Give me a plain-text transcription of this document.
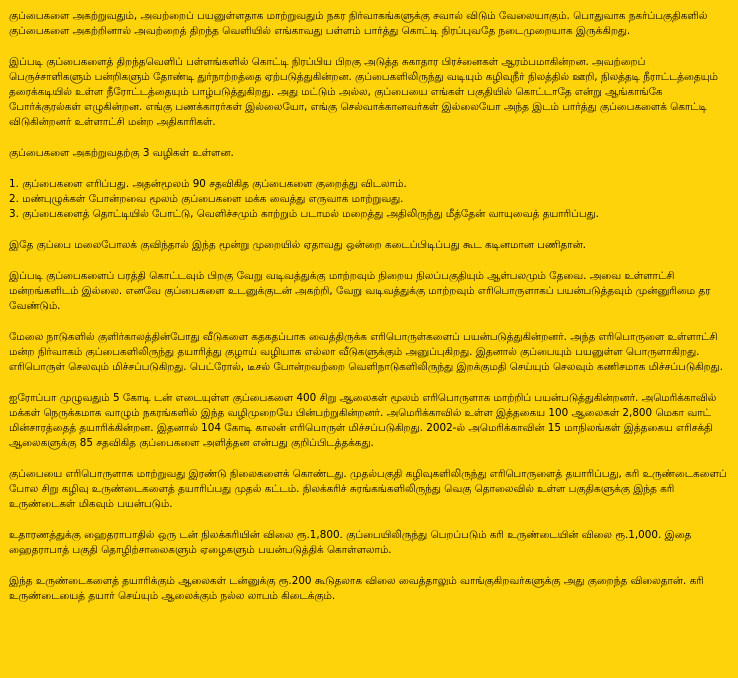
குப்பைகளை அகற்றுவதும், அவற்றைப் பயனுள்ளதாக மாற்றுவதும் நகர நிர்வாகங்களுக்கு சவால் விடும் வேலையாகும். பொதுவாக நகர்ப்பகுதிகளில் குப்பைகளை அகற்றினால் அவற்றைத் திறந்த வெளியில் எங்காவது பள்ளம் பார்த்து கொட்டி நிரப்புவதே நடைமுறையாக இருக்கிறது.

இப்படி குப்பைகளைத் திறந்தவெளிப் பள்ளங்களில் கொட்டி நிரப்பிய பிறகு அடுத்த சுகாதார பிரச்னைகள் ஆரம்பமாகின்றன. அவற்றைப் பெருச்சாளிகளும் பன்றிகளும் தோண்டி துர்நாற்றத்தை ஏற்படுத்துகின்றன. குப்பைகளிலிருந்து வடியும் கழிவுநீர் நிலத்தில் ஊறி, நிலத்தடி நீராட்டத்தையும் தரைக்கடியில் உள்ள நீரோட்டத்தையும் பாழ்படுத்துகிறது. அது மட்டும் அல்ல, குப்பையை எங்கள் பகுதியில் கொட்டாதே என்று ஆங்காங்கே போர்க்குரல்கள் எழுகின்றன. எங்கு பணக்காரர்கள் இல்லையோ, எங்கு செல்வாக்கானவர்கள் இல்லையோ அந்த இடம் பார்த்து குப்பைகளைக் கொட்டி விடுகின்றனர் உள்ளாட்சி மன்ற அதிகாரிகள்.

குப்பைகளை அகற்றுவதற்கு 3 வழிகள் உள்ளன.

1. குப்பைகளை எரிப்பது. அதன்மூலம் 90 சதவிகித குப்பைகளை குறைத்து விடலாம்.
2. மண்புழுக்கள் போன்றவை மூலம் குப்பைகளை மக்க வைத்து எருவாக மாற்றுவது.
3. குப்பைகளைத் தொட்டியில் போட்டு, வெளிச்சமும் காற்றும் படாமல் மறைத்து அதிலிருந்து மீத்தேன் வாயுவைத் தயாரிப்பது.

இதே குப்பை மலைபோலக் குவிந்தால் இந்த மூன்று முறையில் ஏதாவது ஒன்றை கடைப்பிடிப்பது கூட கடினமான பணிதான்.

இப்படி குப்பைகளைப் பரத்தி கொட்டவும் பிறகு வேறு வடிவத்துக்கு மாற்றவும் நிறைய நிலப்பகுதியும் ஆள்பலமும் தேவை. அவை உள்ளாட்சி மன்றங்களிடம் இல்லை. எனவே குப்பைகளை உடனுக்குடன் அகற்றி, வேறு வடிவத்துக்கு மாற்றவும் எரிபொருளாகப் பயன்படுத்தவும் முன்னுரிமை தர வேண்டும்.

மேலை நாடுகளில் குளிர்காலத்தின்போது வீடுகளை கதகதப்பாக வைத்திருக்க எரிபொருள்களைப் பயன்படுத்துகின்றனர். அந்த எரிபொருளை உள்ளாட்சி மன்ற நிர்வாகம் குப்பைகளிலிருந்து தயாரித்து குழாய் வழியாக எல்லா வீடுகளுக்கும் அனுப்புகிறது. இதனால் குப்பையும் பயனுள்ள பொருளாகிறது. எரிபொருள் செலவும் மிச்சப்படுகிறது. பெட்ரோல், டீசல் போன்றவற்றை வெளிநாடுகளிலிருந்து இறக்குமதி செய்யும் செலவும் கணிசமாக மிச்சப்படுகிறது.

ஐரோப்பா முழுவதும் 5 கோடி டன் எடையுள்ள குப்பைகளை 400 சிறு ஆலைகள் மூலம் எரிபொருளாக மாற்றிப் பயன்படுத்துகின்றனர். அமெரிக்காவில் மக்கள் நெருக்கமாக வாழும் நகரங்களில் இந்த வழிமுறையே பின்பற்றுகின்றனர். அமெரிக்காவில் உள்ள இத்தகைய 100 ஆலைகள் 2,800 மெகா வாட் மின்சாரத்தைத் தயாரிக்கின்றன. இதனால் 104 கோடி காலன் எரிபொருள் மிச்சப்படுகிறது. 2002-ல் அமெரிக்காவின் 15 மாநிலங்கள் இத்தகைய எரிசக்தி ஆலைகளுக்கு 85 சதவிகித குப்பைகளை அளித்தன என்பது குறிப்பிடத்தக்கது.

குப்பையை எரிபொருளாக மாற்றுவது இரண்டு நிலைகளைக் கொண்டது. முதல்பகுதி கழிவுகளிலிருந்து எரிபொருளைத் தயாரிப்பது, கரி உருண்டைகளைப் போல சிறு கழிவு உருண்டைகளைத் தயாரிப்பது முதல் கட்டம். நிலக்கரிச் சுரங்கங்களிலிருந்து வெகு தொலைவில் உள்ள பகுதிகளுக்கு இந்த கரி உருண்டைகள் மிகவும் பயன்படும்.

உதாரணத்துக்கு ஹைதராபாதில் ஒரு டன் நிலக்கரியின் விலை ரூ.1,800. குப்பையிலிருந்து பெறப்படும் கரி உருண்டையின் விலை ரூ.1,000. இதை ஹைதராபாத் பகுதி தொழிற்சாலைகளும் ஏழைகளும் பயன்படுத்திக் கொள்ளலாம்.

இந்த உருண்டைகளைத் தயாரிக்கும் ஆலைகள் டன்னுக்கு ரூ.200 கூடுதலாக விலை வைத்தாலும் வாங்குகிறவர்களுக்கு அது குறைந்த விலைதான். கரி உருண்டையைத் தயார் செய்யும் ஆலைக்கும் நல்ல லாபம் கிடைக்கும்.
